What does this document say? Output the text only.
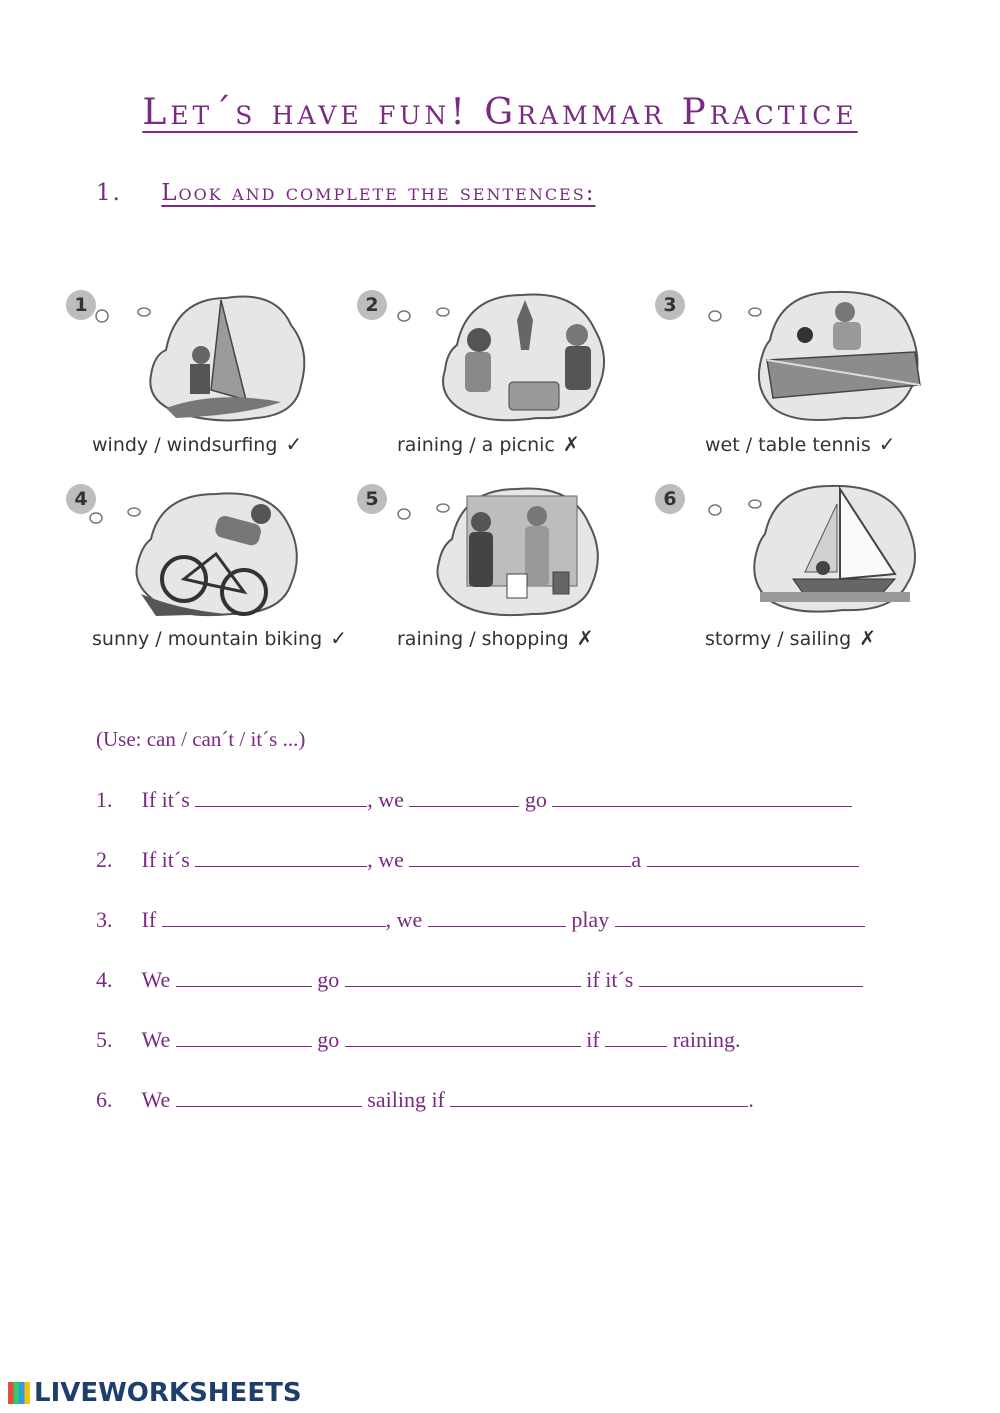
Let´s have fun! Grammar Practice
1. Look and complete the sentences:
1
windy / windsurfing ✓
2
raining / a picnic ✗
3
wet / table tennis ✓
4
sunny / mountain biking ✓
5
raining / shopping ✗
6
stormy / sailing ✗
(Use: can / can´t / it´s ...)
1. If it´s	, we	go
2. If it´s	, we	a
3. If	, we	play
4. We	go	if it´s
5. We	go	if	raining.
6. We	sailing if	.
LIVEWORKSHEETS
